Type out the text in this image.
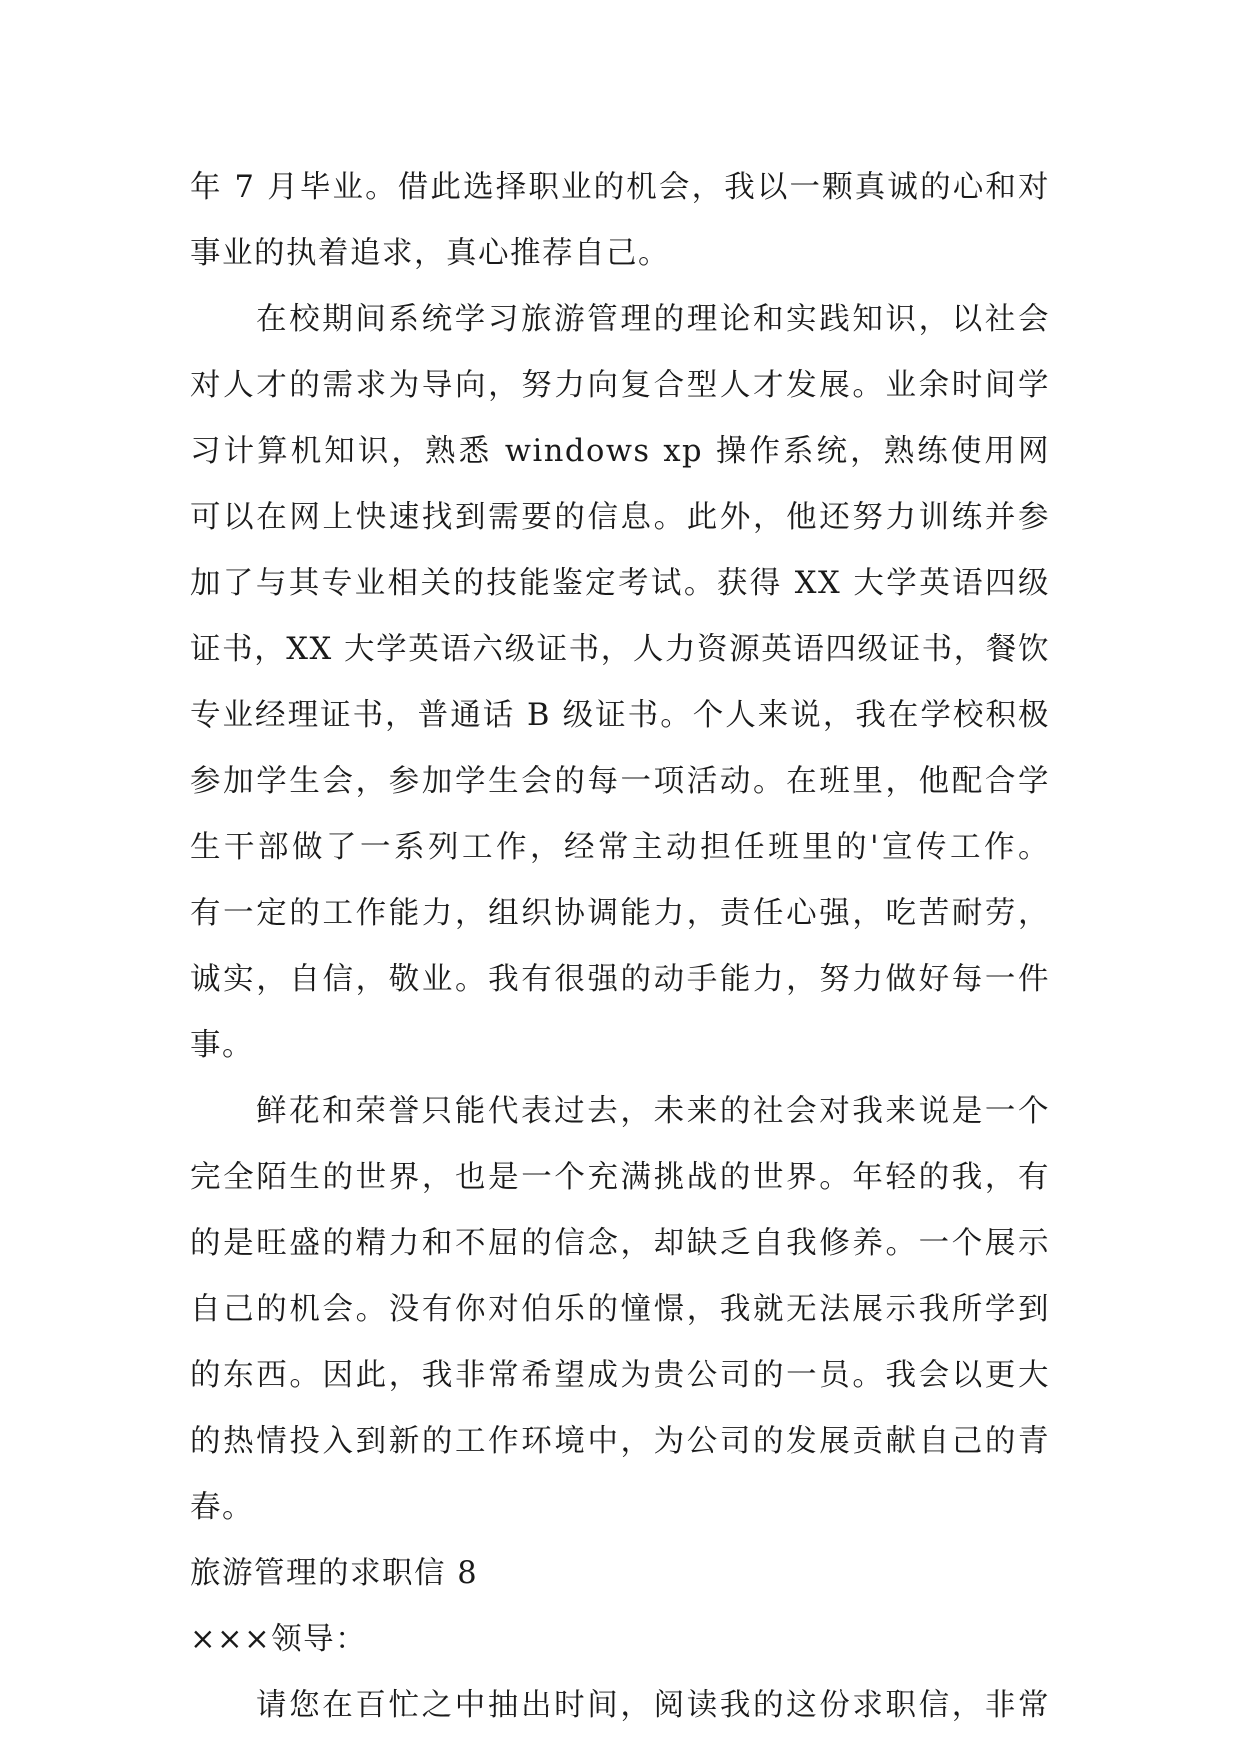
年 7 月毕业。借此选择职业的机会，我以一颗真诚的心和对
事业的执着追求，真心推荐自己。
在校期间系统学习旅游管理的理论和实践知识，以社会
对人才的需求为导向，努力向复合型人才发展。业余时间学
习计算机知识，熟悉 windows xp 操作系统，熟练使用网
可以在网上快速找到需要的信息。此外，他还努力训练并参
加了与其专业相关的技能鉴定考试。获得 XX 大学英语四级
证书，XX 大学英语六级证书，人力资源英语四级证书，餐饮
专业经理证书，普通话 B 级证书。个人来说，我在学校积极
参加学生会，参加学生会的每一项活动。在班里，他配合学
生干部做了一系列工作，经常主动担任班里的'宣传工作。
有一定的工作能力，组织协调能力，责任心强，吃苦耐劳，
诚实，自信，敬业。我有很强的动手能力，努力做好每一件
事。
鲜花和荣誉只能代表过去，未来的社会对我来说是一个
完全陌生的世界，也是一个充满挑战的世界。年轻的我，有
的是旺盛的精力和不屈的信念，却缺乏自我修养。一个展示
自己的机会。没有你对伯乐的憧憬，我就无法展示我所学到
的东西。因此，我非常希望成为贵公司的一员。我会以更大
的热情投入到新的工作环境中，为公司的发展贡献自己的青
春。
旅游管理的求职信 8
×××领导：
请您在百忙之中抽出时间，阅读我的这份求职信，非常
